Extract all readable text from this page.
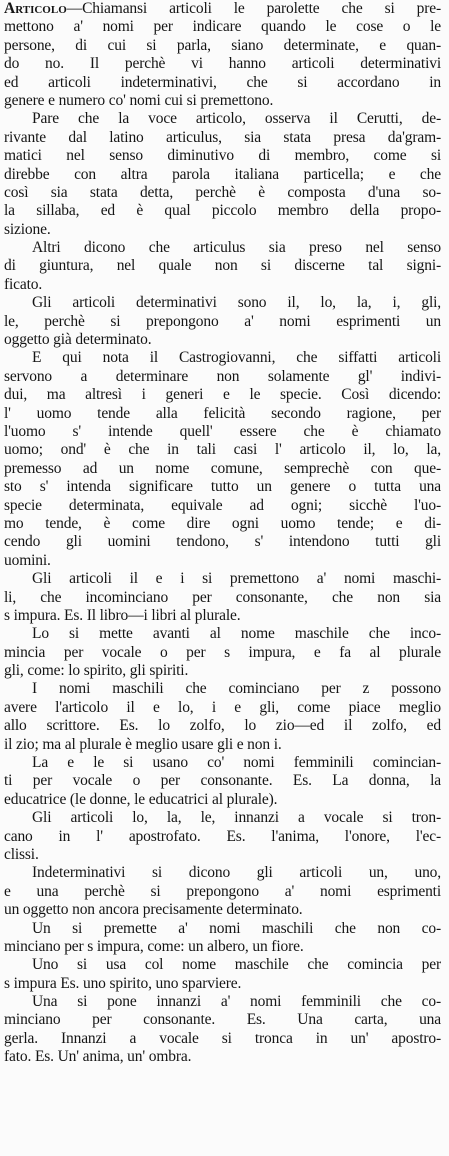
Articolo—Chiamansi articoli le parolette che si pre-
mettono a' nomi per indicare quando le cose o le
persone, di cui si parla, siano determinate, e quan-
do no. Il perchè vi hanno articoli determinativi
ed articoli indeterminativi, che si accordano in
genere e numero co' nomi cui si premettono.
Pare che la voce articolo, osserva il Cerutti, de-
rivante dal latino articulus, sia stata presa da'gram-
matici nel senso diminutivo di membro, come si
direbbe con altra parola italiana particella; e che
così sia stata detta, perchè è composta d'una so-
la sillaba, ed è qual piccolo membro della propo-
sizione.
Altri dicono che articulus sia preso nel senso
di giuntura, nel quale non si discerne tal signi-
ficato.
Gli articoli determinativi sono il, lo, la, i, gli,
le, perchè si prepongono a' nomi esprimenti un
oggetto già determinato.
E qui nota il Castrogiovanni, che siffatti articoli
servono a determinare non solamente gl' indivi-
dui, ma altresì i generi e le specie. Così dicendo:
l' uomo tende alla felicità secondo ragione, per
l'uomo s' intende quell' essere che è chiamato
uomo; ond' è che in tali casi l' articolo il, lo, la,
premesso ad un nome comune, semprechè con que-
sto s' intenda significare tutto un genere o tutta una
specie determinata, equivale ad ogni; sicchè l'uo-
mo tende, è come dire ogni uomo tende; e di-
cendo gli uomini tendono, s' intendono tutti gli
uomini.
Gli articoli il e i si premettono a' nomi maschi-
li, che incominciano per consonante, che non sia
s impura. Es. Il libro—i libri al plurale.
Lo si mette avanti al nome maschile che inco-
mincia per vocale o per s impura, e fa al plurale
gli, come: lo spirito, gli spiriti.
I nomi maschili che cominciano per z possono
avere l'articolo il e lo, i e gli, come piace meglio
allo scrittore. Es. lo zolfo, lo zio—ed il zolfo, ed
il zio; ma al plurale è meglio usare gli e non i.
La e le si usano co' nomi femminili comincian-
ti per vocale o per consonante. Es. La donna, la
educatrice (le donne, le educatrici al plurale).
Gli articoli lo, la, le, innanzi a vocale si tron-
cano in l' apostrofato. Es. l'anima, l'onore, l'ec-
clissi.
Indeterminativi si dicono gli articoli un, uno,
e una perchè si prepongono a' nomi esprimenti
un oggetto non ancora precisamente determinato.
Un si premette a' nomi maschili che non co-
minciano per s impura, come: un albero, un fiore.
Uno si usa col nome maschile che comincia per
s impura Es. uno spirito, uno sparviere.
Una si pone innanzi a' nomi femminili che co-
minciano per consonante. Es. Una carta, una
gerla. Innanzi a vocale si tronca in un' apostro-
fato. Es. Un' anima, un' ombra.
